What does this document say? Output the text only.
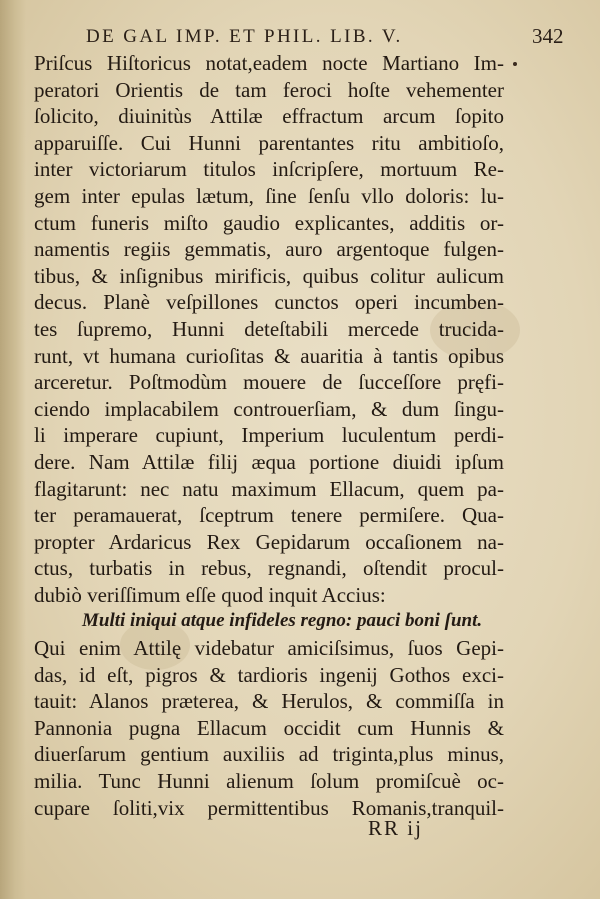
DE GAL IMP. ET PHIL. LIB. V.	342
Priſcus Hiſtoricus notat,eadem nocte Martiano Im-
peratori Orientis de tam feroci hoſte vehementer
ſolicito, diuinitùs Attilæ effractum arcum ſopito
apparuiſſe. Cui Hunni parentantes ritu ambitioſo,
inter victoriarum titulos inſcripſere, mortuum Re-
gem inter epulas lætum, ſine ſenſu vllo doloris: lu-
ctum funeris miſto gaudio explicantes, additis or-
namentis regiis gemmatis, auro argentoque fulgen-
tibus, & inſignibus mirificis, quibus colitur aulicum
decus. Planè veſpillones cunctos operi incumben-
tes ſupremo, Hunni deteſtabili mercede trucida-
runt, vt humana curioſitas & auaritia à tantis opibus
arceretur. Poſtmodùm mouere de ſucceſſore pręfi-
ciendo implacabilem controuerſiam, & dum ſingu-
li imperare cupiunt, Imperium luculentum perdi-
dere. Nam Attilæ filij æqua portione diuidi ipſum
flagitarunt: nec natu maximum Ellacum, quem pa-
ter peramauerat, ſceptrum tenere permiſere. Qua-
propter Ardaricus Rex Gepidarum occaſionem na-
ctus, turbatis in rebus, regnandi, oſtendit procul-
dubiò veriſſimum eſſe quod inquit Accius:
Multi iniqui atque infideles regno: pauci boni ſunt.
Qui enim Attilę videbatur amiciſsimus, ſuos Gepi-
das, id eſt, pigros & tardioris ingenij Gothos exci-
tauit: Alanos præterea, & Herulos, & commiſſa in
Pannonia pugna Ellacum occidit cum Hunnis &
diuerſarum gentium auxiliis ad triginta,plus minus,
milia. Tunc Hunni alienum ſolum promiſcuè oc-
cupare ſoliti,vix permittentibus Romanis,tranquil-
RR ij
